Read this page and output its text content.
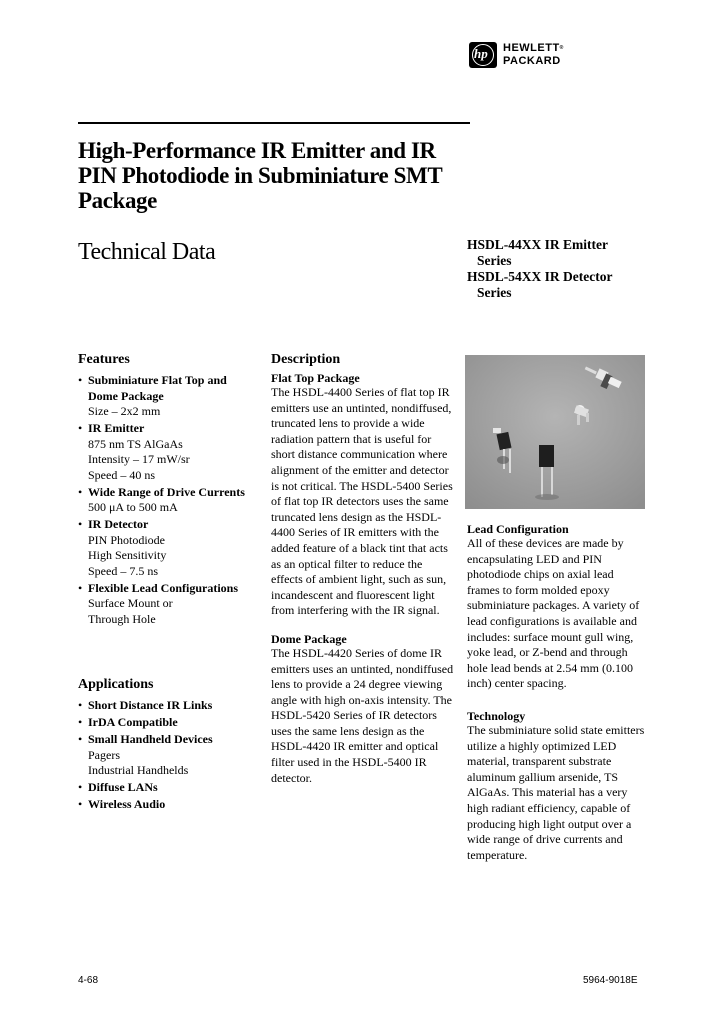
hp HEWLETT®
PACKARD
High-Performance IR Emitter and IR PIN Photodiode in Subminiature SMT Package
Technical Data	HSDL-44XX IR Emitter
Series
HSDL-54XX IR Detector
Series
Features
• Subminiature Flat Top and Dome Package
Size – 2x2 mm
• IR Emitter
875 nm TS AlGaAs
Intensity – 17 mW/sr
Speed – 40 ns
• Wide Range of Drive Currents
500 μA to 500 mA
• IR Detector
PIN Photodiode
High Sensitivity
Speed – 7.5 ns
• Flexible Lead Configurations
Surface Mount or
Through Hole
Applications
• Short Distance IR Links
• IrDA Compatible
• Small Handheld Devices
Pagers
Industrial Handhelds
• Diffuse LANs
• Wireless Audio
Description
Flat Top Package
The HSDL-4400 Series of flat top IR emitters use an untinted, nondiffused, truncated lens to provide a wide radiation pattern that is useful for short distance communication where alignment of the emitter and detector is not critical. The HSDL-5400 Series of flat top IR detectors uses the same truncated lens design as the HSDL-4400 Series of IR emitters with the added feature of a black tint that acts as an optical filter to reduce the effects of ambient light, such as sun, incandescent and fluorescent light from interfering with the IR signal.
Dome Package
The HSDL-4420 Series of dome IR emitters uses an untinted, nondiffused lens to provide a 24 degree viewing angle with high on-axis intensity. The HSDL-5420 Series of IR detectors uses the same lens design as the HSDL-4420 IR emitter and optical filter used in the HSDL-5400 IR detector.
Lead Configuration
All of these devices are made by encapsulating LED and PIN photodiode chips on axial lead frames to form molded epoxy subminiature packages. A variety of lead configurations is available and includes: surface mount gull wing, yoke lead, or Z-bend and through hole lead bends at 2.54 mm (0.100 inch) center spacing.
Technology
The subminiature solid state emitters utilize a highly optimized LED material, transparent substrate aluminum gallium arsenide, TS AlGaAs. This material has a very high radiant efficiency, capable of producing high light output over a wide range of drive currents and temperature.
4-68	5964-9018E
